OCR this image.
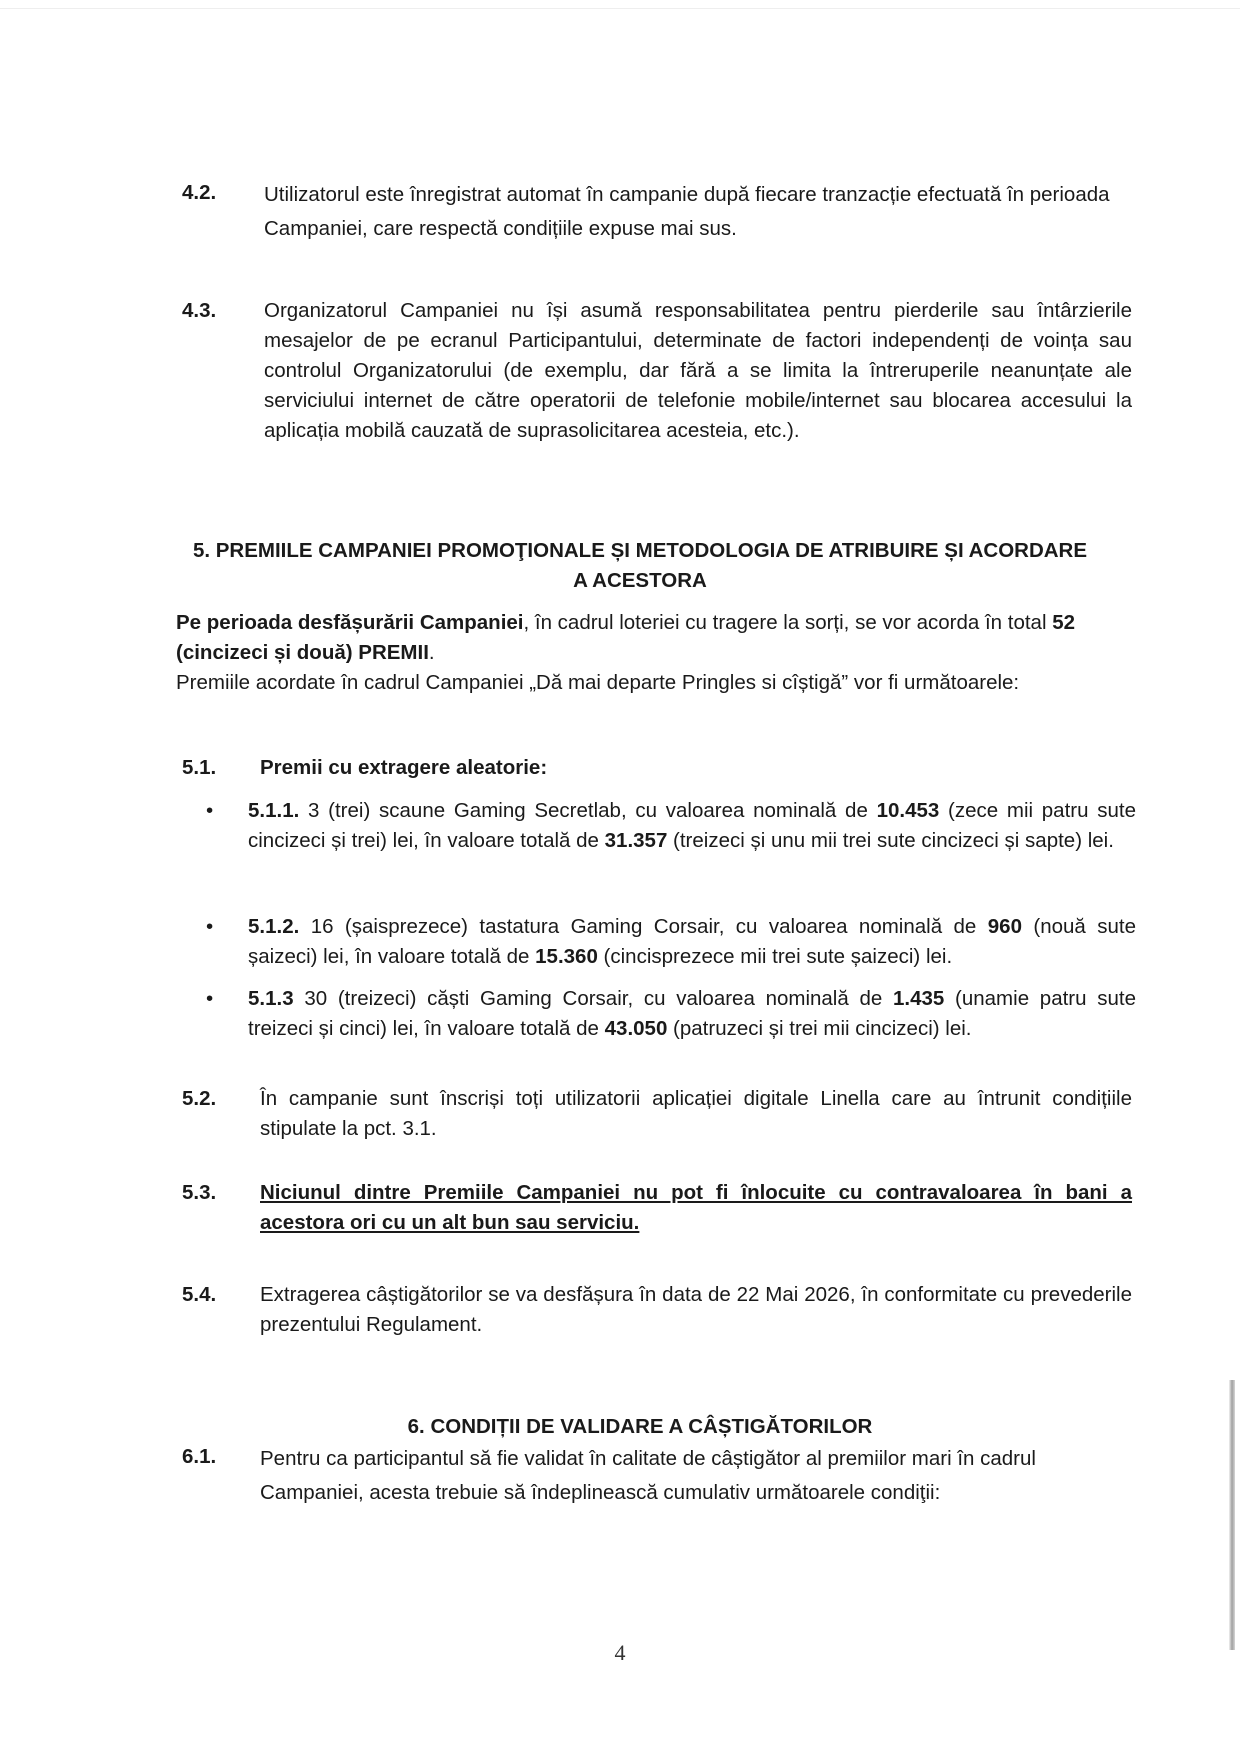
4.2. Utilizatorul este înregistrat automat în campanie după fiecare tranzacție efectuată în perioada Campaniei, care respectă condițiile expuse mai sus.
4.3. Organizatorul Campaniei nu își asumă responsabilitatea pentru pierderile sau întârzierile mesajelor de pe ecranul Participantului, determinate de factori independenți de voința sau controlul Organizatorului (de exemplu, dar fără a se limita la întreruperile neanunțate ale serviciului internet de către operatorii de telefonie mobile/internet sau blocarea accesului la aplicația mobilă cauzată de suprasolicitarea acesteia, etc.).
5. PREMIILE CAMPANIEI PROMOŢIONALE ȘI METODOLOGIA DE ATRIBUIRE ȘI ACORDARE
A ACESTORA
Pe perioada desfășurării Campaniei, în cadrul loteriei cu tragere la sorți, se vor acorda în total 52 (cincizeci și două) PREMII.
Premiile acordate în cadrul Campaniei „Dă mai departe Pringles si cîștigă” vor fi următoarele:
5.1. Premii cu extragere aleatorie:
•	5.1.1. 3 (trei) scaune Gaming Secretlab, cu valoarea nominală de 10.453 (zece mii patru sute cincizeci și trei) lei, în valoare totală de 31.357 (treizeci și unu mii trei sute cincizeci și sapte) lei.
•	5.1.2. 16 (șaisprezece) tastatura Gaming Corsair, cu valoarea nominală de 960 (nouă sute șaizeci) lei, în valoare totală de 15.360 (cincisprezece mii trei sute șaizeci) lei.
•	5.1.3 30 (treizeci) căști Gaming Corsair, cu valoarea nominală de 1.435 (unamie patru sute treizeci și cinci) lei, în valoare totală de 43.050 (patruzeci și trei mii cincizeci) lei.
5.2. În campanie sunt înscriși toți utilizatorii aplicației digitale Linella care au întrunit condițiile stipulate la pct. 3.1.
5.3. Niciunul dintre Premiile Campaniei nu pot fi înlocuite cu contravaloarea în bani a acestora ori cu un alt bun sau serviciu.
5.4. Extragerea câștigătorilor se va desfășura în data de 22 Mai 2026, în conformitate cu prevederile prezentului Regulament.
6. CONDIȚII DE VALIDARE A CÂȘTIGĂTORILOR
6.1. Pentru ca participantul să fie validat în calitate de câștigător al premiilor mari în cadrul Campaniei, acesta trebuie să îndeplinească cumulativ următoarele condiţii:
4
